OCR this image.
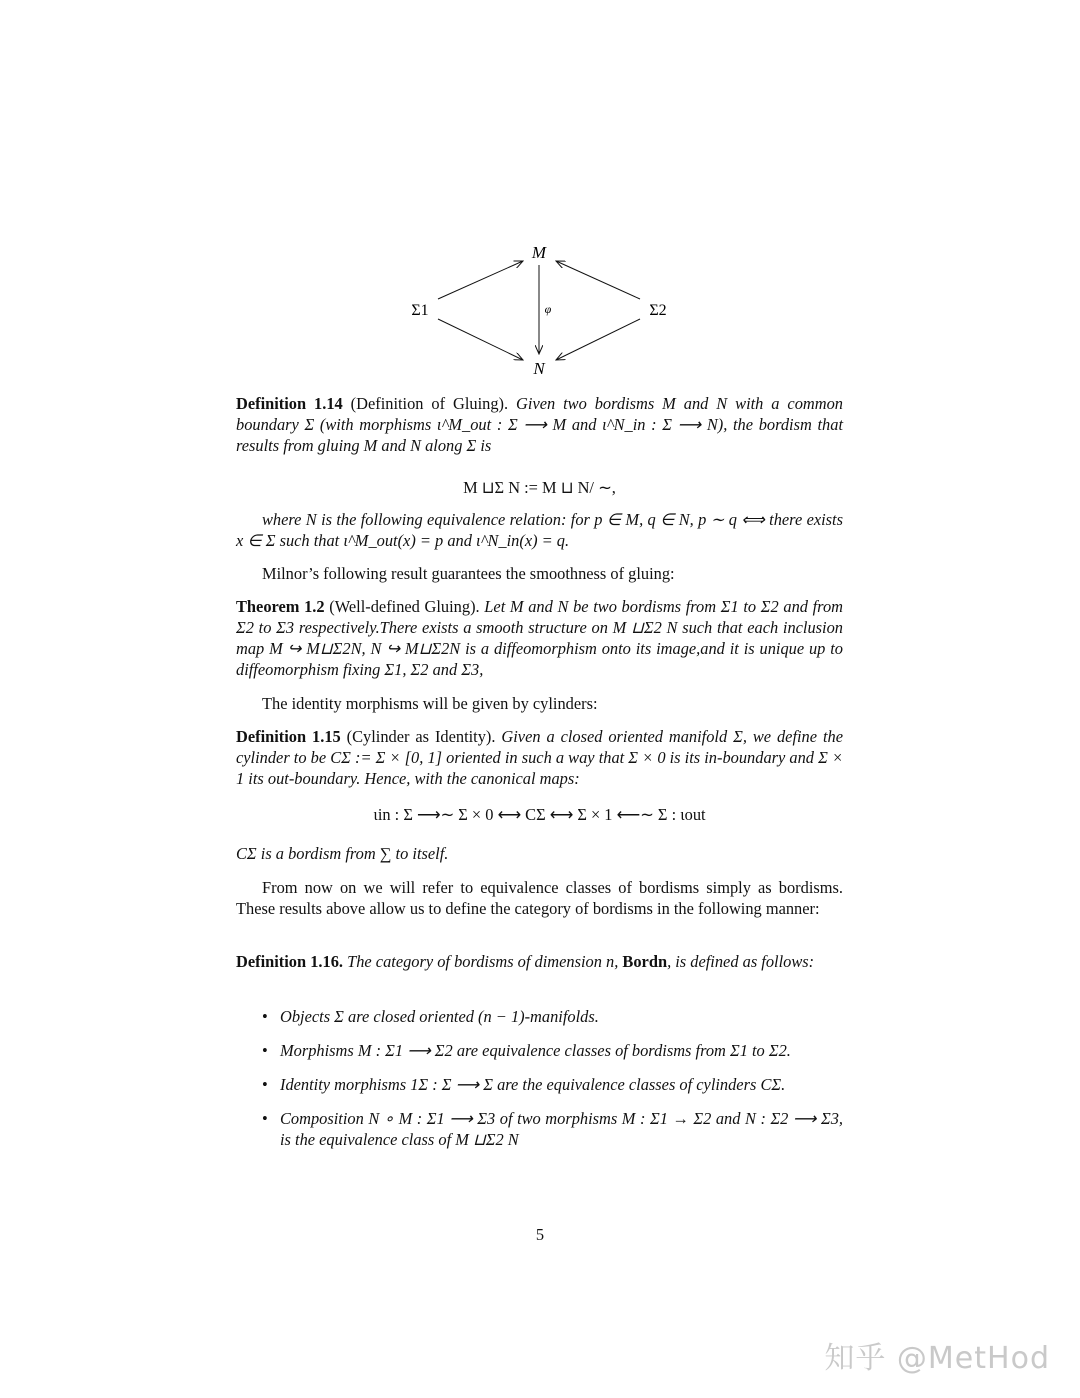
M
N
Σ1	Σ2
φ
Definition 1.14 (Definition of Gluing). Given two bordisms M and N with a common boundary Σ (with morphisms ι^M_out : Σ ⟶ M and ι^N_in : Σ ⟶ N), the bordism that results from gluing M and N along Σ is
M ⊔Σ N := M ⊔ N/ ∼,
where N is the following equivalence relation: for p ∈ M, q ∈ N, p ∼ q ⟺ there exists x ∈ Σ such that ι^M_out(x) = p and ι^N_in(x) = q.
Milnor’s following result guarantees the smoothness of gluing:
Theorem 1.2 (Well-defined Gluing). Let M and N be two bordisms from Σ1 to Σ2 and from Σ2 to Σ3 respectively.There exists a smooth structure on M ⊔Σ2 N such that each inclusion map M ↪ M⊔Σ2N, N ↪ M⊔Σ2N is a diffeomorphism onto its image,and it is unique up to diffeomorphism fixing Σ1, Σ2 and Σ3,
The identity morphisms will be given by cylinders:
Definition 1.15 (Cylinder as Identity). Given a closed oriented manifold Σ, we define the cylinder to be CΣ := Σ × [0, 1] oriented in such a way that Σ × 0 is its in-boundary and Σ × 1 its out-boundary. Hence, with the canonical maps:
ιin : Σ ⟶∼ Σ × 0 ⟷ CΣ ⟷ Σ × 1 ⟵∼ Σ : ιout
CΣ is a bordism from ∑ to itself.
From now on we will refer to equivalence classes of bordisms simply as bordisms. These results above allow us to define the category of bordisms in the following manner:
Definition 1.16. The category of bordisms of dimension n, Bordn, is defined as follows:
• Objects Σ are closed oriented (n − 1)-manifolds.
• Morphisms M : Σ1 ⟶ Σ2 are equivalence classes of bordisms from Σ1 to Σ2.
• Identity morphisms 1Σ : Σ ⟶ Σ are the equivalence classes of cylinders CΣ.
• Composition N ∘ M : Σ1 ⟶ Σ3 of two morphisms M : Σ1 → Σ2 and N : Σ2 ⟶ Σ3, is the equivalence class of M ⊔Σ2 N
5
知乎 @MetHod
